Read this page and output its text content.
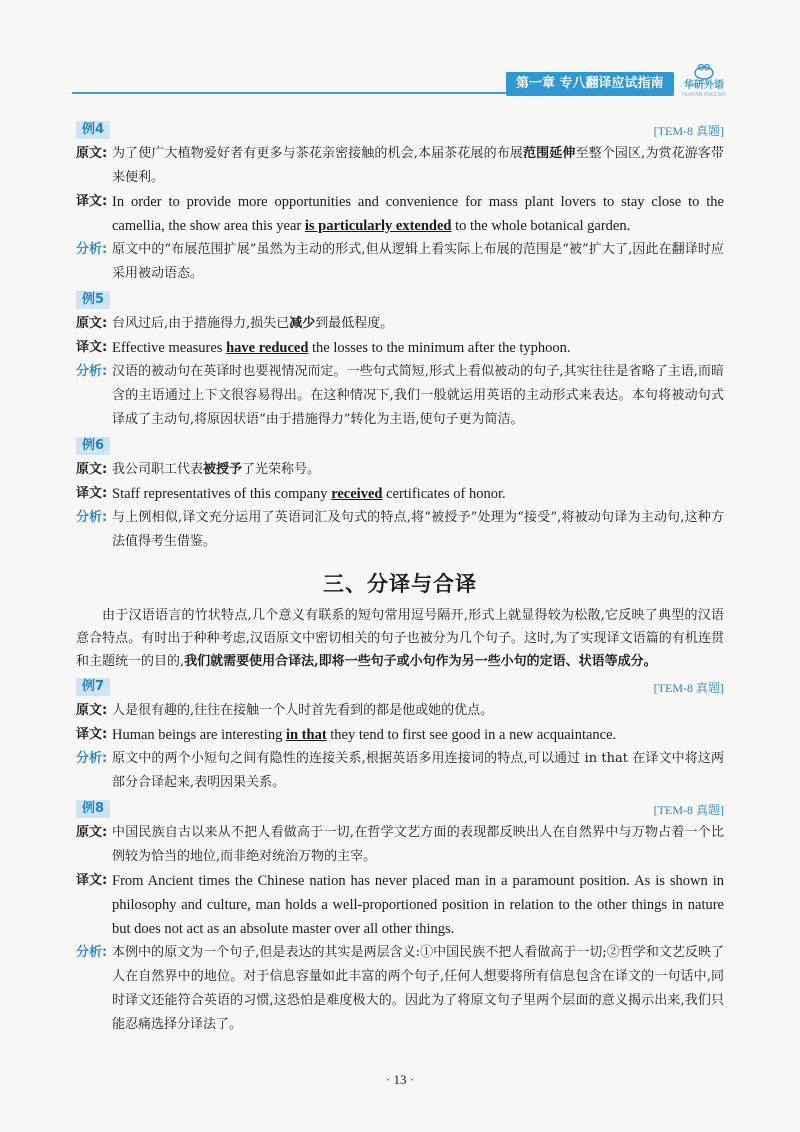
第一章 专八翻译应试指南	华研外语
HUAYAN ENGLISH
例4	[TEM-8 真题]
原文: 为了使广大植物爱好者有更多与茶花亲密接触的机会,本届茶花展的布展范围延伸至整个园区,为赏花游客带来便利。
译文: In order to provide more opportunities and convenience for mass plant lovers to stay close to the camellia, the show area this year is particularly extended to the whole botanical garden.
分析: 原文中的“布展范围扩展”虽然为主动的形式,但从逻辑上看实际上布展的范围是“被”扩大了,因此在翻译时应采用被动语态。
例5
原文: 台风过后,由于措施得力,损失已减少到最低程度。
译文: Effective measures have reduced the losses to the minimum after the typhoon.
分析: 汉语的被动句在英译时也要视情况而定。一些句式简短,形式上看似被动的句子,其实往往是省略了主语,而暗含的主语通过上下文很容易得出。在这种情况下,我们一般就运用英语的主动形式来表达。本句将被动句式译成了主动句,将原因状语“由于措施得力”转化为主语,使句子更为简洁。
例6
原文: 我公司职工代表被授予了光荣称号。
译文: Staff representatives of this company received certificates of honor.
分析: 与上例相似,译文充分运用了英语词汇及句式的特点,将“被授予”处理为“接受”,将被动句译为主动句,这种方法值得考生借鉴。
三、分译与合译
由于汉语语言的竹状特点,几个意义有联系的短句常用逗号隔开,形式上就显得较为松散,它反映了典型的汉语意合特点。有时出于种种考虑,汉语原文中密切相关的句子也被分为几个句子。这时,为了实现译文语篇的有机连贯和主题统一的目的,我们就需要使用合译法,即将一些句子或小句作为另一些小句的定语、状语等成分。
例7	[TEM-8 真题]
原文: 人是很有趣的,往往在接触一个人时首先看到的都是他或她的优点。
译文: Human beings are interesting in that they tend to first see good in a new acquaintance.
分析: 原文中的两个小短句之间有隐性的连接关系,根据英语多用连接词的特点,可以通过 in that 在译文中将这两部分合译起来,表明因果关系。
例8	[TEM-8 真题]
原文: 中国民族自古以来从不把人看做高于一切,在哲学文艺方面的表现都反映出人在自然界中与万物占着一个比例较为恰当的地位,而非绝对统治万物的主宰。
译文: From Ancient times the Chinese nation has never placed man in a paramount position. As is shown in philosophy and culture, man holds a well-proportioned position in relation to the other things in nature but does not act as an absolute master over all other things.
分析: 本例中的原文为一个句子,但是表达的其实是两层含义:①中国民族不把人看做高于一切;②哲学和文艺反映了人在自然界中的地位。对于信息容量如此丰富的两个句子,任何人想要将所有信息包含在译文的一句话中,同时译文还能符合英语的习惯,这恐怕是难度极大的。因此为了将原文句子里两个层面的意义揭示出来,我们只能忍痛选择分译法了。
· 13 ·
